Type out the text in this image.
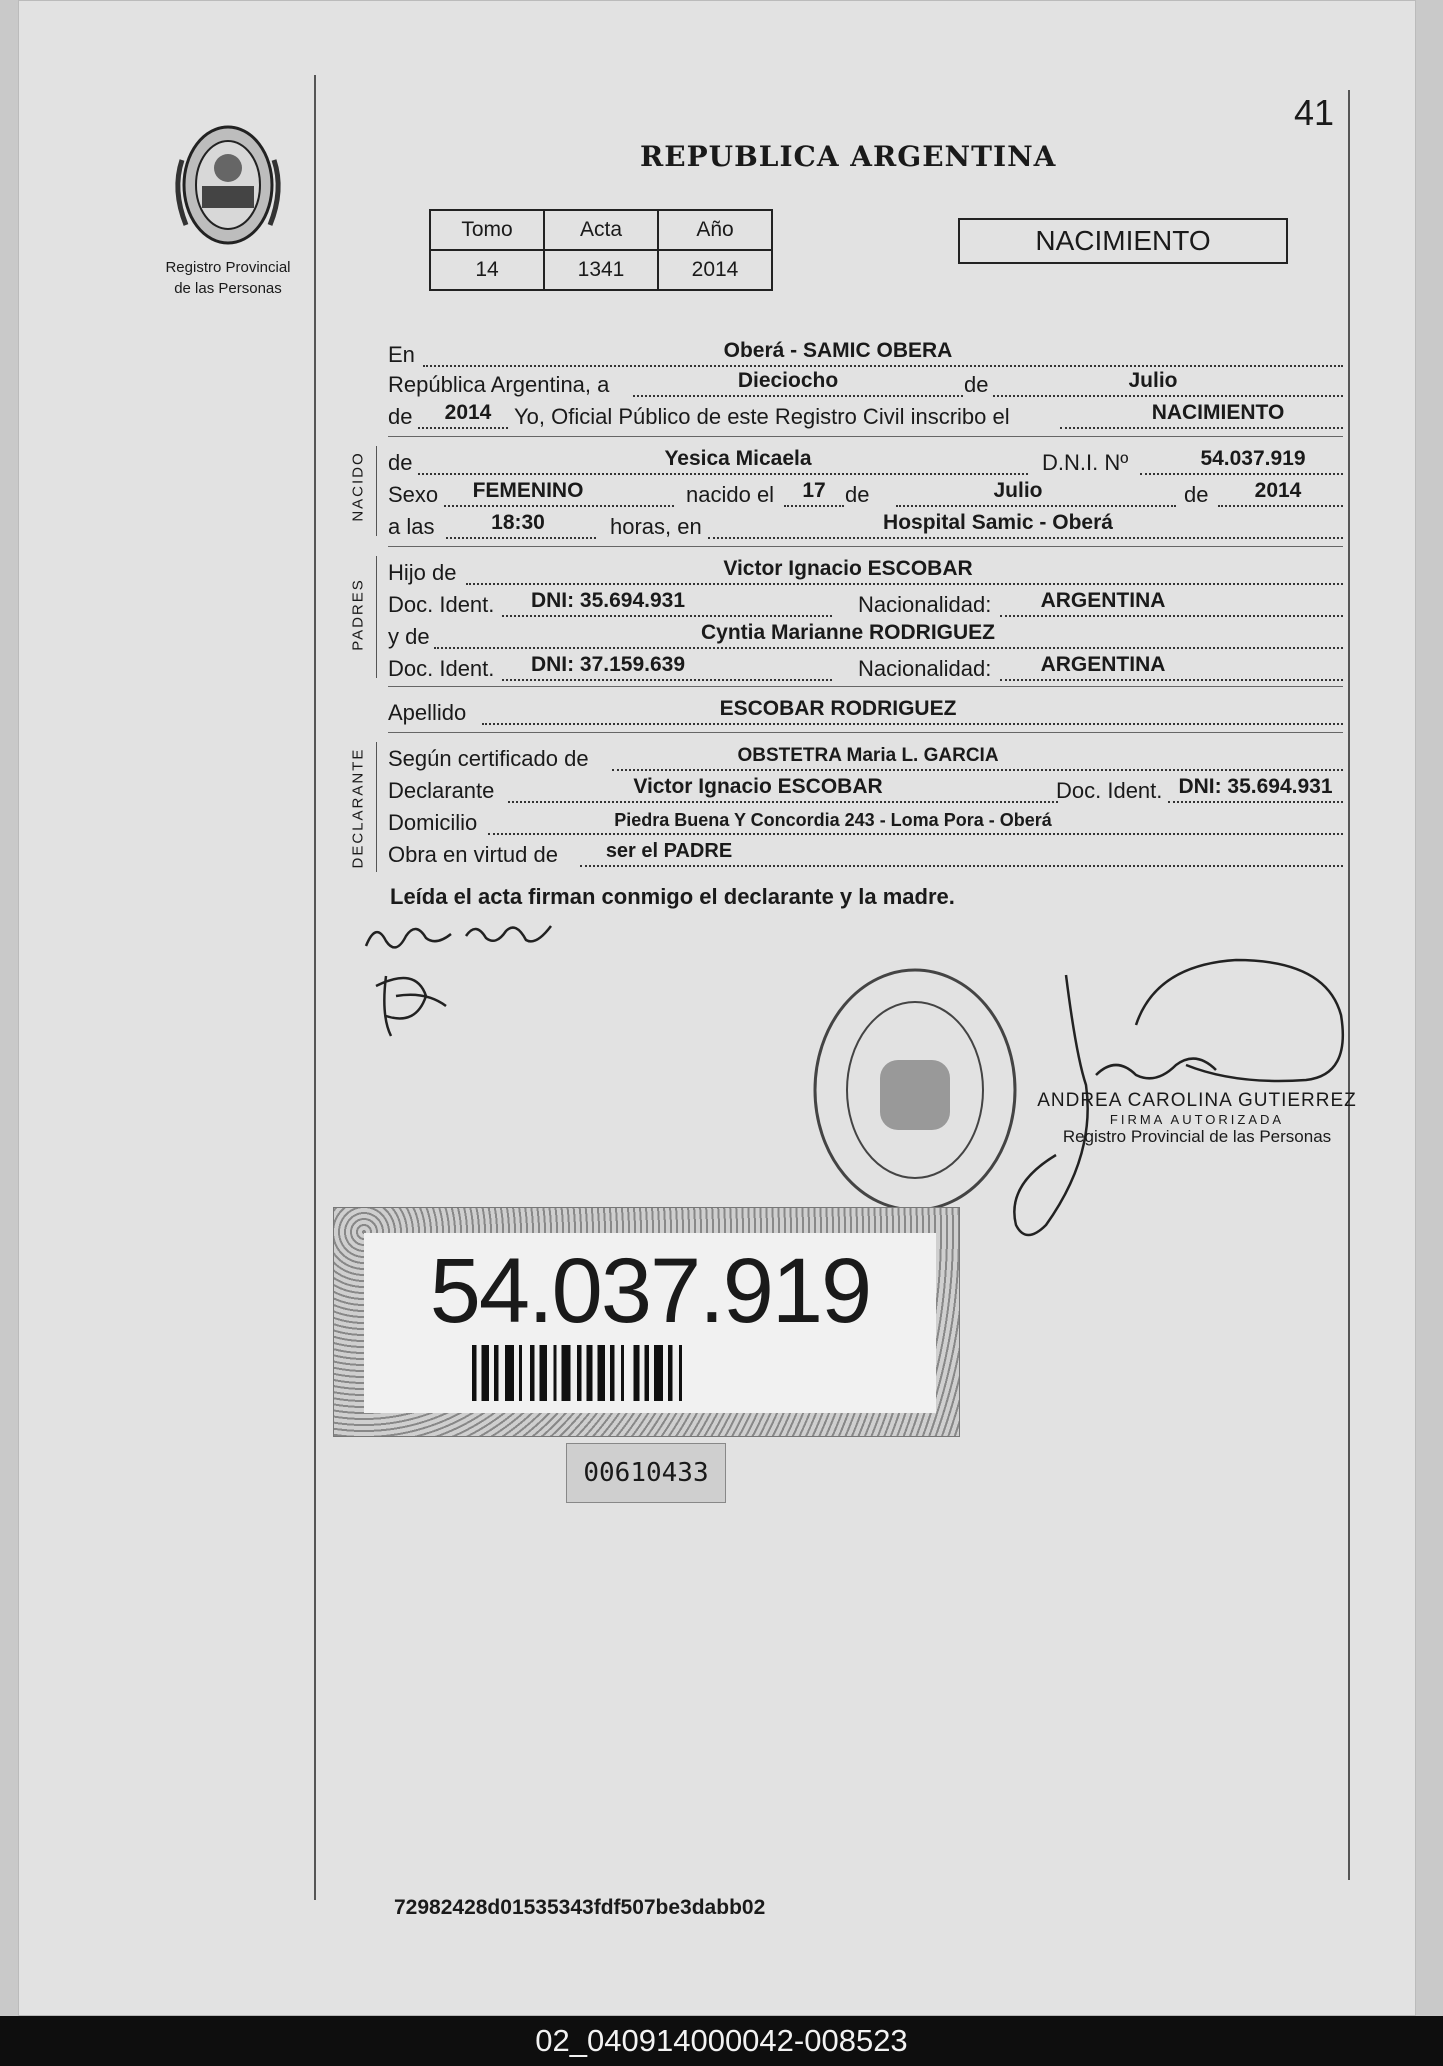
41
Registro Provincial
de las Personas
REPUBLICA ARGENTINA
Tomo	Acta	Año
14	1341	2014
NACIMIENTO
En	Oberá - SAMIC OBERA
República Argentina, a	Dieciocho	de	Julio
de	2014	Yo, Oficial Público de este Registro Civil inscribo el	NACIMIENTO
NACIDO de	Yesica Micaela	D.N.I. Nº	54.037.919
Sexo	FEMENINO	nacido el	17 de	Julio	de	2014
a las	18:30	horas, en	Hospital Samic - Oberá
PADRES
Hijo de	Victor Ignacio ESCOBAR
Doc. Ident.	DNI: 35.694.931	Nacionalidad:	ARGENTINA
y de	Cyntia Marianne RODRIGUEZ
Doc. Ident.	DNI: 37.159.639	Nacionalidad:	ARGENTINA
Apellido	ESCOBAR RODRIGUEZ
DECLARANTE Según certificado de	OBSTETRA Maria L. GARCIA
Declarante	Victor Ignacio ESCOBAR	Doc. Ident. DNI: 35.694.931
Domicilio	Piedra Buena Y Concordia 243 - Loma Pora - Oberá
Obra en virtud de	ser el PADRE
Leída el acta firman conmigo el declarante y la madre.
ANDREA CAROLINA GUTIERREZ
FIRMA AUTORIZADA
Registro Provincial de las Personas
54.037.919
00610433
72982428d01535343fdf507be3dabb02
02_040914000042-008523
